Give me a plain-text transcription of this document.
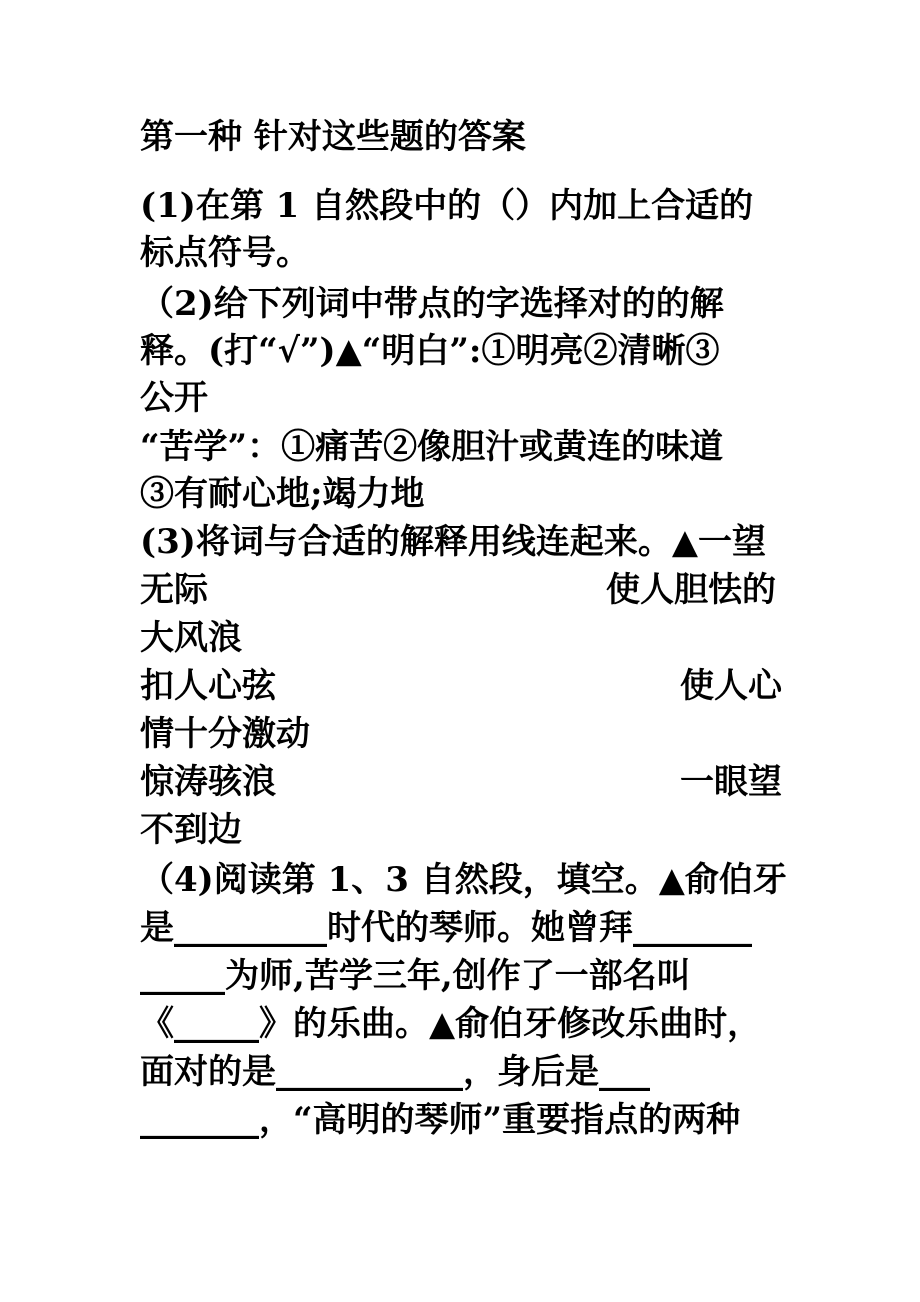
第一种 针对这些题的答案
(1)在第 1 自然段中的（）内加上合适的
标点符号。
（2)给下列词中带点的字选择对的的解
释。(打“√”)▲“明白”:①明亮②清晰③
公开
“苦学”：①痛苦②像胆汁或黄连的味道
③有耐心地;竭力地
(3)将词与合适的解释用线连起来。▲一望
无际	使人胆怯的
大风浪
扣人心弦	使人心
情十分激动
惊涛骇浪	一眼望
不到边
（4)阅读第 1、3 自然段，填空。▲俞伯牙
是_________时代的琴师。她曾拜_______
_____为师,苦学三年,创作了一部名叫
《_____》的乐曲。▲俞伯牙修改乐曲时，
面对的是___________，身后是___
_______，“高明的琴师”重要指点的两种
